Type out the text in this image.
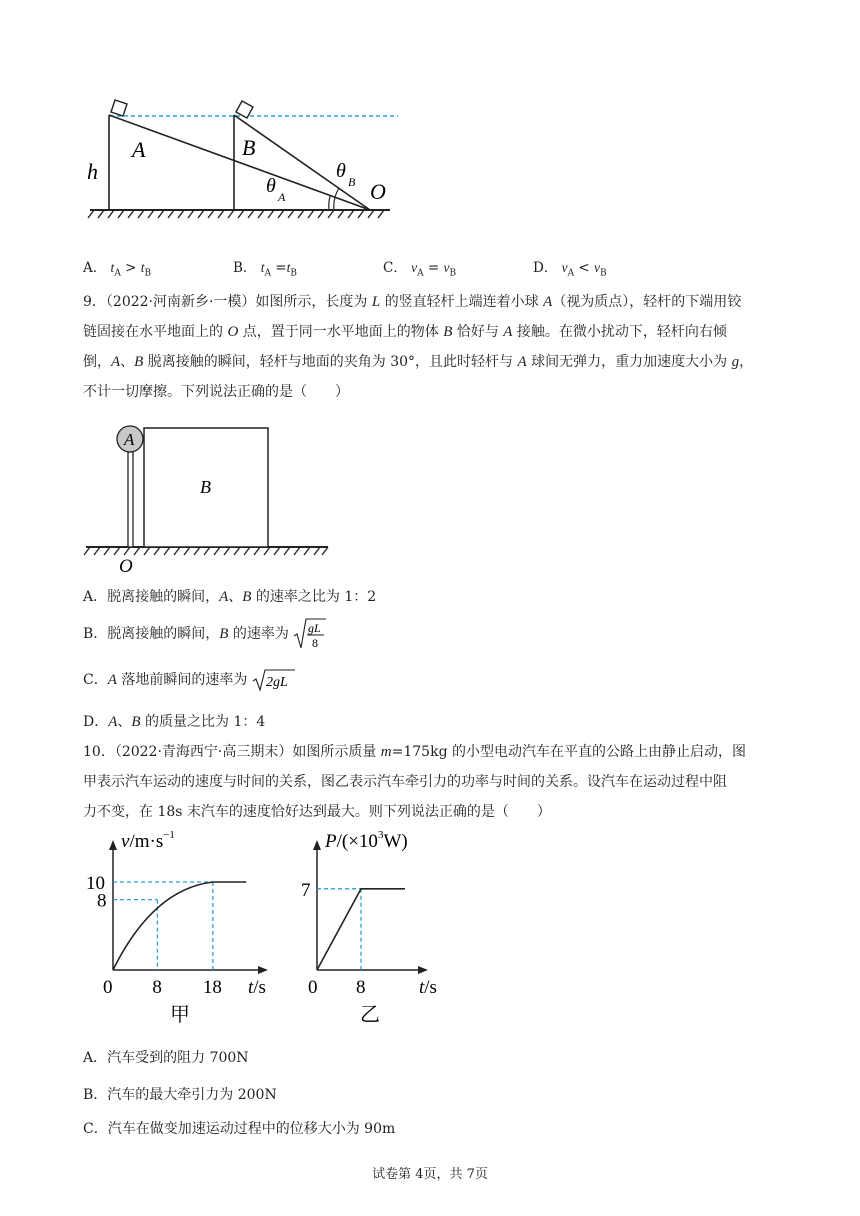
h
A	B
O
θ A
θ B
A． $t_A > t_B$	B． $t_A =t_B$	C． $v_A = v_B$	D． $v_A < v_B$
9．（2022·河南新乡·一模）如图所示，长度为 L 的竖直轻杆上端连着小球 A（视为质点），轻杆的下端用铰
链固接在水平地面上的 O 点，置于同一水平地面上的物体 B 恰好与 A 接触。在微小扰动下，轻杆向右倾
倒，A、B 脱离接触的瞬间，轻杆与地面的夹角为 30°，且此时轻杆与 A 球间无弹力，重力加速度大小为 g，
不计一切摩擦。下列说法正确的是（　　）
A
B
O
A．脱离接触的瞬间，A、B 的速率之比为 1：2
B．脱离接触的瞬间，B 的速率为 gL
8
C．A 落地前瞬间的速率为 2gL
D．A、B 的质量之比为 1：4
10．（2022·青海西宁·高三期末）如图所示质量 m=175kg 的小型电动汽车在平直的公路上由静止启动，图
甲表示汽车运动的速度与时间的关系，图乙表示汽车牵引力的功率与时间的关系。设汽车在运动过程中阻
力不变，在 18s 末汽车的速度恰好达到最大。则下列说法正确的是（　　）
8
10
8 18
0
$v/m\cdot s^{-1}$
t/s
甲
7
8
0
$P/(\times 10^3W)$
t/s
乙
A．汽车受到的阻力 700N
B．汽车的最大牵引力为 200N
C．汽车在做变加速运动过程中的位移大小为 90m
试卷第 4页，共 7页
